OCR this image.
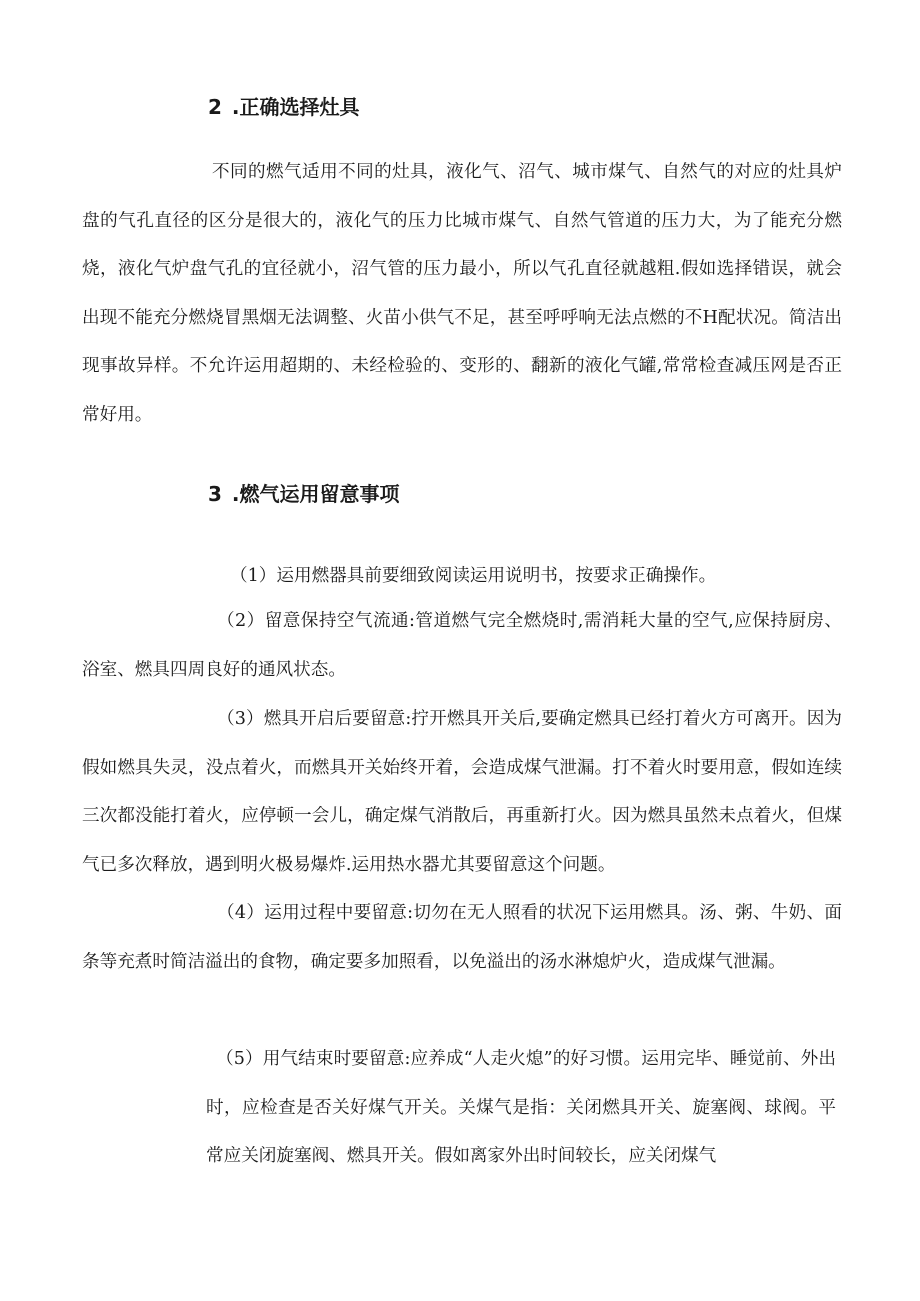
2 .正确选择灶具

不同的燃气适用不同的灶具，液化气、沼气、城市煤气、自然气的对应的灶具炉盘的气孔直径的区分是很大的，液化气的压力比城市煤气、自然气管道的压力大，为了能充分燃烧，液化气炉盘气孔的宜径就小，沼气管的压力最小，所以气孔直径就越粗.假如选择错误，就会出现不能充分燃烧冒黑烟无法调整、火苗小供气不足，甚至呼呼响无法点燃的不H配状况。简洁出现事故异样。不允许运用超期的、未经检验的、变形的、翻新的液化气罐,常常检查减压网是否正常好用。

3 .燃气运用留意事项

（1）运用燃器具前要细致阅读运用说明书，按要求正确操作。

（2）留意保持空气流通:管道燃气完全燃烧时,需消耗大量的空气,应保持厨房、浴室、燃具四周良好的通风状态。

（3）燃具开启后要留意:拧开燃具开关后,要确定燃具已经打着火方可离开。因为假如燃具失灵，没点着火，而燃具开关始终开着，会造成煤气泄漏。打不着火时要用意，假如连续三次都没能打着火，应停顿一会儿，确定煤气消散后，再重新打火。因为燃具虽然未点着火，但煤气已多次释放，遇到明火极易爆炸.运用热水器尤其要留意这个问题。

（4）运用过程中要留意:切勿在无人照看的状况下运用燃具。汤、粥、牛奶、面条等充煮时简洁溢出的食物，确定要多加照看，以免溢出的汤水淋熄炉火，造成煤气泄漏。

（5）用气结束时要留意:应养成“人走火熄”的好习惯。运用完毕、睡觉前、外出时，应检查是否关好煤气开关。关煤气是指：关闭燃具开关、旋塞阀、球阀。平常应关闭旋塞阀、燃具开关。假如离家外出时间较长，应关闭煤气
